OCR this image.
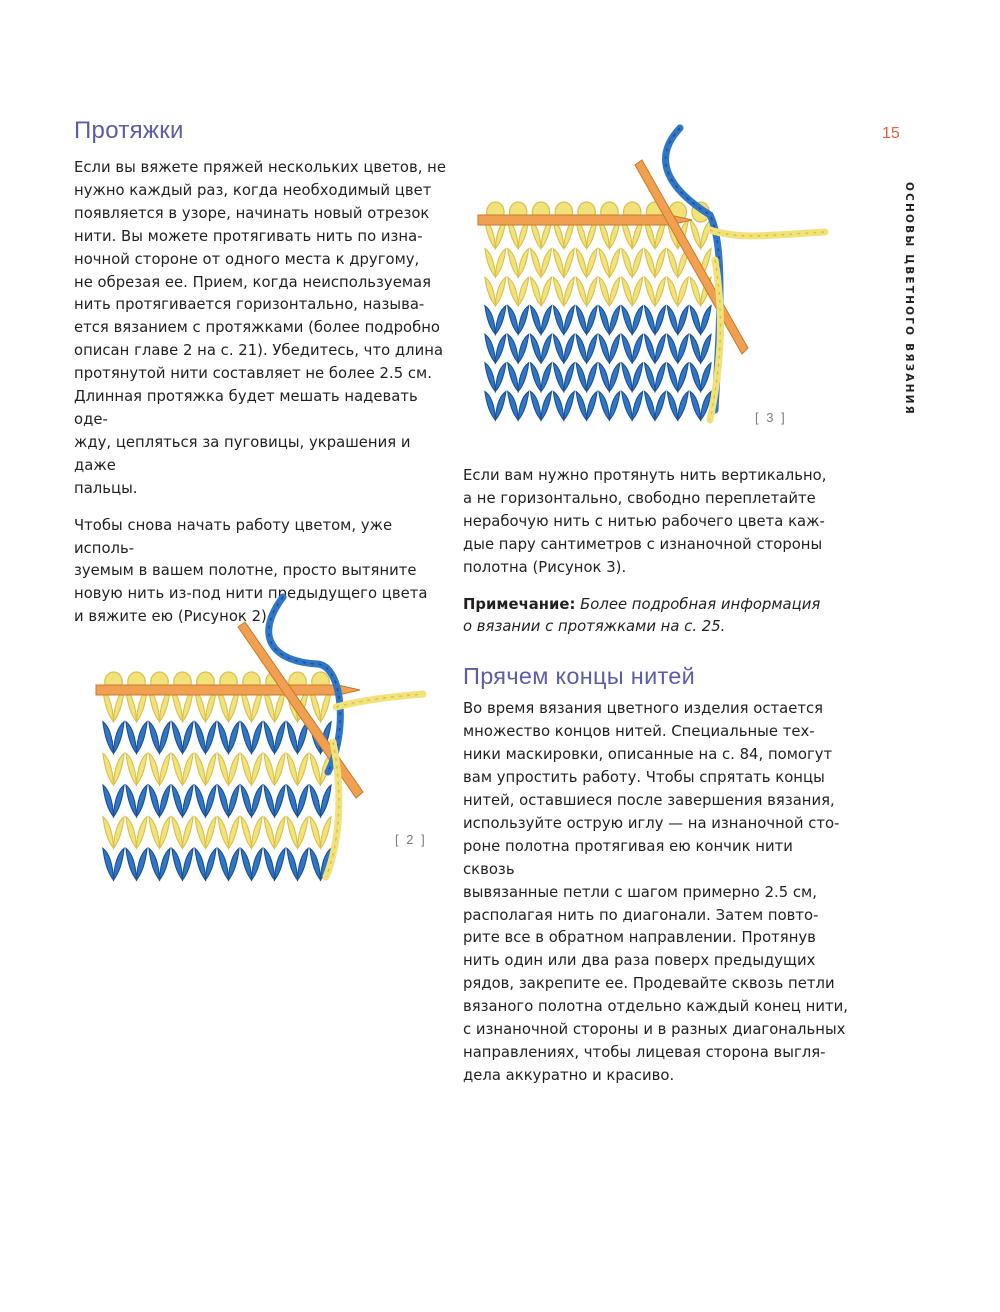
Протяжки

Если вы вяжете пряжей нескольких цветов, не
нужно каждый раз, когда необходимый цвет
появляется в узоре, начинать новый отрезок
нити. Вы можете протягивать нить по изна-
ночной стороне от одного места к другому,
не обрезая ее. Прием, когда неиспользуемая
нить протягивается горизонтально, называ-
ется вязанием с протяжками (более подробно
описан главе 2 на с. 21). Убедитесь, что длина
протянутой нити составляет не более 2.5 см.
Длинная протяжка будет мешать надевать оде-
жду, цепляться за пуговицы, украшения и даже
пальцы.

Чтобы снова начать работу цветом, уже исполь-
зуемым в вашем полотне, просто вытяните
новую нить из-под нити предыдущего цвета
и вяжите ею (Рисунок 2).

Если вам нужно протянуть нить вертикально,
а не горизонтально, свободно переплетайте
нерабочую нить с нитью рабочего цвета каж-
дые пару сантиметров с изнаночной стороны
полотна (Рисунок 3).

Примечание: Более подробная информация
о вязании с протяжками на с. 25.

Прячем концы нитей

Во время вязания цветного изделия остается
множество концов нитей. Специальные тех-
ники маскировки, описанные на с. 84, помогут
вам упростить работу. Чтобы спрятать концы
нитей, оставшиеся после завершения вязания,
используйте острую иглу — на изнаночной сто-
роне полотна протягивая ею кончик нити сквозь
вывязанные петли с шагом примерно 2.5 см,
располагая нить по диагонали. Затем повто-
рите все в обратном направлении. Протянув
нить один или два раза поверх предыдущих
рядов, закрепите ее. Продевайте сквозь петли
вязаного полотна отдельно каждый конец нити,
с изнаночной стороны и в разных диагональных
направлениях, чтобы лицевая сторона выгля-
дела аккуратно и красиво.

15
ОСНОВЫ ЦВЕТНОГО ВЯЗАНИЯ
[ 3 ]
[ 2 ]
